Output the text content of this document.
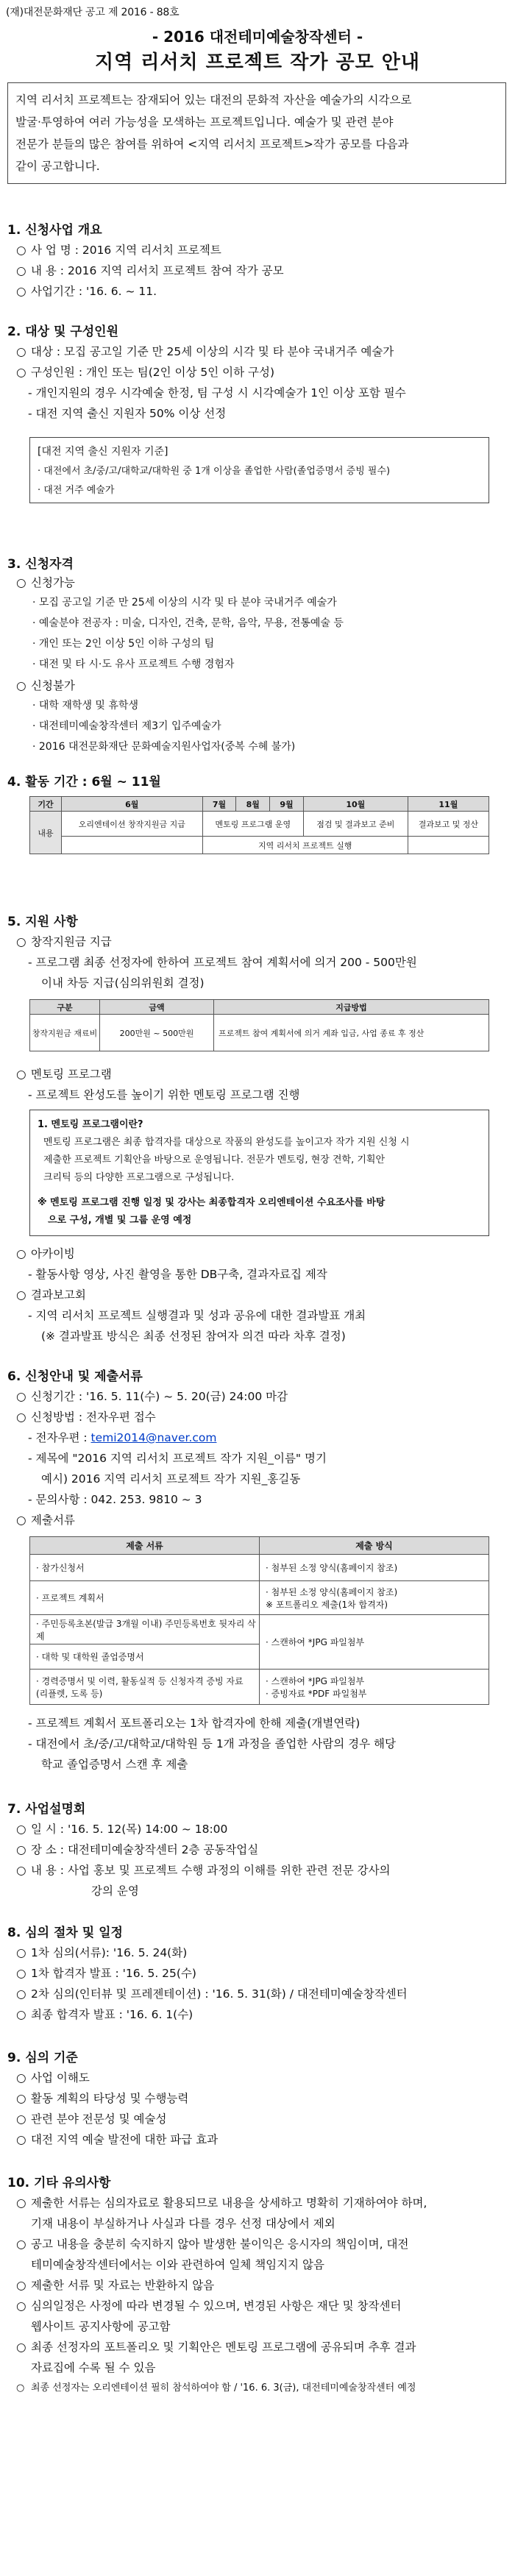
(재)대전문화재단 공고 제 2016 - 88호
- 2016 대전테미예술창작센터 -
지역 리서치 프로젝트 작가 공모 안내
지역 리서치 프로젝트는 잠재되어 있는 대전의 문화적 자산을 예술가의 시각으로
발굴·투영하여 여러 가능성을 모색하는 프로젝트입니다. 예술가 및 관련 분야
전문가 분들의 많은 참여를 위하여 <지역 리서치 프로젝트>작가 공모를 다음과
같이 공고합니다.
1. 신청사업 개요
○ 사 업 명 : 2016 지역 리서치 프로젝트
○ 내 용 : 2016 지역 리서치 프로젝트 참여 작가 공모
○ 사업기간 : '16. 6. ~ 11.
2. 대상 및 구성인원
○ 대상 : 모집 공고일 기준 만 25세 이상의 시각 및 타 분야 국내거주 예술가
○ 구성인원 : 개인 또는 팀(2인 이상 5인 이하 구성)
- 개인지원의 경우 시각예술 한정, 팀 구성 시 시각예술가 1인 이상 포함 필수
- 대전 지역 출신 지원자 50% 이상 선정
[대전 지역 출신 지원자 기준]
· 대전에서 초/중/고/대학교/대학원 중 1개 이상을 졸업한 사람(졸업증명서 증빙 필수)
· 대전 거주 예술가
3. 신청자격
○ 신청가능
· 모집 공고일 기준 만 25세 이상의 시각 및 타 분야 국내거주 예술가
· 예술분야 전공자 : 미술, 디자인, 건축, 문학, 음악, 무용, 전통예술 등
· 개인 또는 2인 이상 5인 이하 구성의 팀
· 대전 및 타 시·도 유사 프로젝트 수행 경험자
○ 신청불가
· 대학 재학생 및 휴학생
· 대전테미예술창작센터 제3기 입주예술가
· 2016 대전문화재단 문화예술지원사업자(중복 수혜 불가)
4. 활동 기간 : 6월 ~ 11월
기간	6월	7월	8월	9월	10월	11월
내용	오리엔테이션 창작지원금 지급	멘토링 프로그램 운영			점검 및 결과보고 준비	결과보고 및 정산
		지역 리서치 프로젝트 실행				
5. 지원 사항
○ 창작지원금 지급
- 프로그램 최종 선정자에 한하여 프로젝트 참여 계획서에 의거 200 - 500만원
이내 차등 지급(심의위원회 결정)
구분	금액	지급방법
창작지원금 재료비	200만원 ~ 500만원	프로젝트 참여 계획서에 의거 계좌 입금, 사업 종료 후 정산
○ 멘토링 프로그램
- 프로젝트 완성도를 높이기 위한 멘토링 프로그램 진행
1. 멘토링 프로그램이란?
멘토링 프로그램은 최종 합격자를 대상으로 작품의 완성도를 높이고자 작가 지원 신청 시
제출한 프로젝트 기획안을 바탕으로 운영됩니다. 전문가 멘토링, 현장 견학, 기획안
크리틱 등의 다양한 프로그램으로 구성됩니다.
※ 멘토링 프로그램 진행 일정 및 강사는 최종합격자 오리엔테이션 수요조사를 바탕
으로 구성, 개별 및 그룹 운영 예정
○ 아카이빙
- 활동사항 영상, 사진 촬영을 통한 DB구축, 결과자료집 제작
○ 결과보고회
- 지역 리서치 프로젝트 실행결과 및 성과 공유에 대한 결과발표 개최
(※ 결과발표 방식은 최종 선정된 참여자 의견 따라 차후 결정)
6. 신청안내 및 제출서류
○ 신청기간 : '16. 5. 11(수) ~ 5. 20(금) 24:00 마감
○ 신청방법 : 전자우편 접수
- 전자우편 : temi2014@naver.com
- 제목에 "2016 지역 리서치 프로젝트 작가 지원_이름" 명기
예시) 2016 지역 리서치 프로젝트 작가 지원_홍길동
- 문의사항 : 042. 253. 9810 ~ 3
○ 제출서류
제출 서류	제출 방식
· 참가신청서	· 첨부된 소정 양식(홈페이지 참조)
· 프로젝트 계획서	· 첨부된 소정 양식(홈페이지 참조)
※ 포트폴리오 제출(1차 합격자)

· 주민등록초본(발급 3개월 이내) 주민등록번호 뒷자리 삭제	· 스캔하여 *JPG 파일첨부
· 대학 및 대학원 졸업증명서	
· 경력증명서 및 이력, 활동실적 등 신청자격 증빙 자료 (리플렛, 도록 등)	· 스캔하여 *JPG 파일첨부
· 증빙자료 *PDF 파일첨부
- 프로젝트 계획서 포트폴리오는 1차 합격자에 한해 제출(개별연락)
- 대전에서 초/중/고/대학교/대학원 등 1개 과정을 졸업한 사람의 경우 해당
학교 졸업증명서 스캔 후 제출
7. 사업설명회
○ 일 시 : '16. 5. 12(목) 14:00 ~ 18:00
○ 장 소 : 대전테미예술창작센터 2층 공동작업실
○ 내 용 : 사업 홍보 및 프로젝트 수행 과정의 이해를 위한 관련 전문 강사의
강의 운영
8. 심의 절차 및 일정
○ 1차 심의(서류): '16. 5. 24(화)
○ 1차 합격자 발표 : '16. 5. 25(수)
○ 2차 심의(인터뷰 및 프레젠테이션) : '16. 5. 31(화) / 대전테미예술창작센터
○ 최종 합격자 발표 : '16. 6. 1(수)
9. 심의 기준
○ 사업 이해도
○ 활동 계획의 타당성 및 수행능력
○ 관련 분야 전문성 및 예술성
○ 대전 지역 예술 발전에 대한 파급 효과
10. 기타 유의사항
○ 제출한 서류는 심의자료로 활용되므로 내용을 상세하고 명확히 기재하여야 하며,
기재 내용이 부실하거나 사실과 다를 경우 선정 대상에서 제외
○ 공고 내용을 충분히 숙지하지 않아 발생한 불이익은 응시자의 책임이며, 대전
테미예술창작센터에서는 이와 관련하여 일체 책임지지 않음
○ 제출한 서류 및 자료는 반환하지 않음
○ 심의일정은 사정에 따라 변경될 수 있으며, 변경된 사항은 재단 및 창작센터
웹사이트 공지사항에 공고함
○ 최종 선정자의 포트폴리오 및 기획안은 멘토링 프로그램에 공유되며 추후 결과
자료집에 수록 될 수 있음
○ 최종 선정자는 오리엔테이션 필히 참석하여야 함 / '16. 6. 3(금), 대전테미예술창작센터 예정
